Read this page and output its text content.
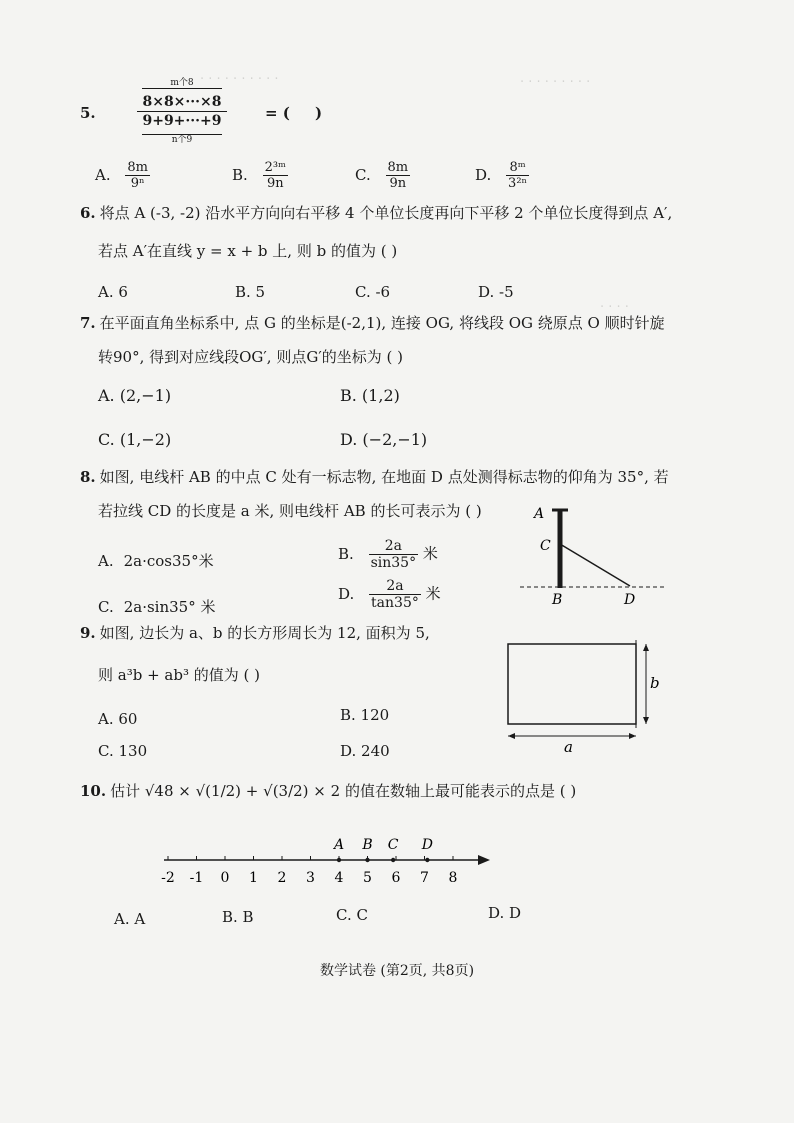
· · · · · · · · · ·	· · · · · · · · ·
· · · ·
5.
m个8
8×8×···×8
9+9+···+9
n个9
= ( )
A. $\frac{8m}{\text{9ⁿ}}$	B. $\frac{\text{2³ᵐ}}{9n}$	C. $\frac{8m}{9n}$	D. $\frac{\text{8ᵐ}}{\text{3²ⁿ}}$
6. 将点 A (-3, -2) 沿水平方向向右平移 4 个单位长度再向下平移 2 个单位长度得到点 A′,
若点 A′在直线 y = x + b 上, 则 b 的值为 ( )
A. 6	B. 5	C. -6	D. -5
7. 在平面直角坐标系中, 点 G 的坐标是(-2,1), 连接 OG, 将线段 OG 绕原点 O 顺时针旋
转90°, 得到对应线段OG′, 则点G′的坐标为 ( )
A. (2,−1)	B. (1,2)
C. (1,−2)	D. (−2,−1)
8. 如图, 电线杆 AB 的中点 C 处有一标志物, 在地面 D 点处测得标志物的仰角为 35°, 若
若拉线 CD 的长度是 a 米, 则电线杆 AB 的长可表示为 ( )
A. 2a·cos35°米	B. $\frac{2a}{\sin 35^\circ}$ 米
C. 2a·sin35° 米
D. $\frac{2a}{\tan 35^\circ}$ 米
A
C
B	D
9. 如图, 边长为 a、b 的长方形周长为 12, 面积为 5,
则 a³b + ab³ 的值为 ( )
A. 60	B. 120
C. 130	D. 240
b
a
10. 估计 √48 × √(1/2) + √(3/2) × 2 的值在数轴上最可能表示的点是 ( )
-2 -1 0 1 2 3 4 5 6 7 8
A B C D
A. A	B. B	C. C	D. D
数学试卷 (第2页, 共8页)
